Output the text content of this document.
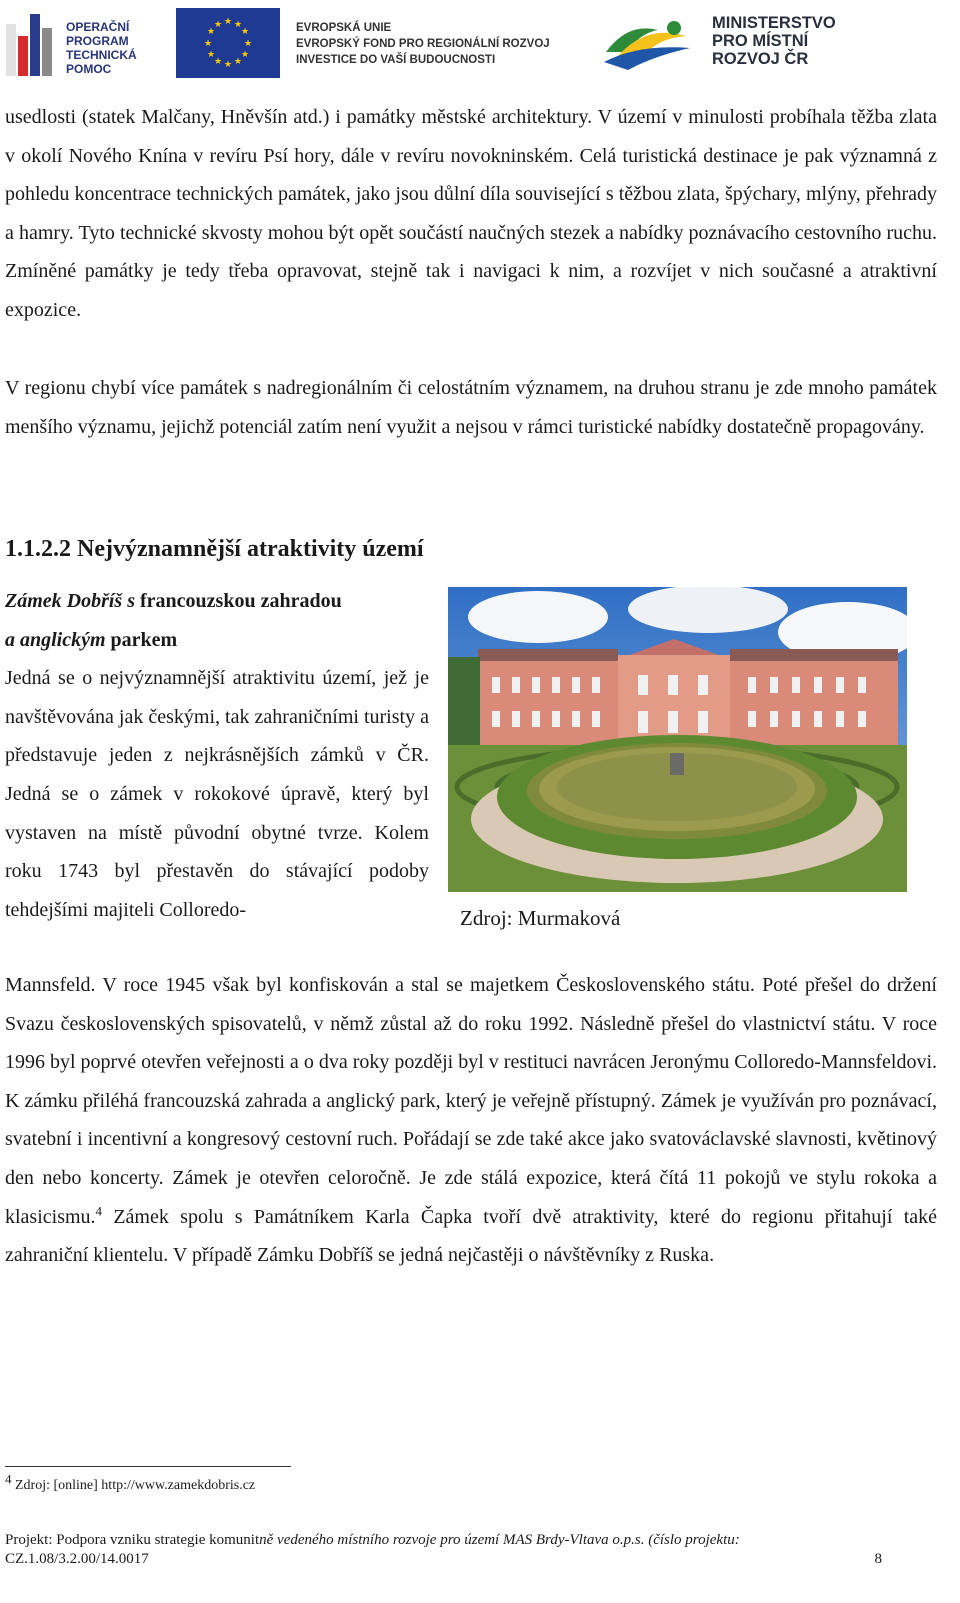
OPERAČNÍ
PROGRAM
TECHNICKÁ
POMOC
★ ★
★
★
★
★
★
★
★
★
★
★	EVROPSKÁ UNIE
EVROPSKÝ FOND PRO REGIONÁLNÍ ROZVOJ
INVESTICE DO VAŠÍ BUDOUCNOSTI
MINISTERSTVO
PRO MÍSTNÍ
ROZVOJ ČR

usedlosti (statek Malčany, Hněvšín atd.) i památky městské architektury. V území v minulosti probíhala těžba zlata v okolí Nového Knína v revíru Psí hory, dále v revíru novokninském. Celá turistická destinace je pak významná z pohledu koncentrace technických památek, jako jsou důlní díla související s těžbou zlata, špýchary, mlýny, přehrady a hamry. Tyto technické skvosty mohou být opět součástí naučných stezek a nabídky poznávacího cestovního ruchu. Zmíněné památky je tedy třeba opravovat, stejně tak i navigaci k nim, a rozvíjet v nich současné a atraktivní expozice.

V regionu chybí více památek s nadregionálním či celostátním významem, na druhou stranu je zde mnoho památek menšího významu, jejichž potenciál zatím není využit a nejsou v rámci turistické nabídky dostatečně propagovány.

1.1.2.2 Nejvýznamnější atraktivity území

Zámek Dobříš s francouzskou zahradou
a anglickým parkem

Jedná se o nejvýznamnější atraktivitu území, jež je navštěvována jak českými, tak zahraničními turisty a představuje jeden z nejkrásnějších zámků v ČR. Jedná se o zámek v rokokové úpravě, který byl vystaven na místě původní obytné tvrze. Kolem roku 1743 byl přestavěn do stávající podoby tehdejšími majiteli Colloredo-	Zdroj: Murmaková

Mannsfeld. V roce 1945 však byl konfiskován a stal se majetkem Československého státu. Poté přešel do držení Svazu československých spisovatelů, v němž zůstal až do roku 1992. Následně přešel do vlastnictví státu. V roce 1996 byl poprvé otevřen veřejnosti a o dva roky později byl v restituci navrácen Jeronýmu Colloredo-Mannsfeldovi. K zámku přiléhá francouzská zahrada a anglický park, který je veřejně přístupný. Zámek je využíván pro poznávací, svatební i incentivní a kongresový cestovní ruch. Pořádají se zde také akce jako svatováclavské slavnosti, květinový den nebo koncerty. Zámek je otevřen celoročně. Je zde stálá expozice, která čítá 11 pokojů ve stylu rokoka a klasicismu.$^4$ Zámek spolu s Památníkem Karla Čapka tvoří dvě atraktivity, které do regionu přitahují také zahraniční klientelu. V případě Zámku Dobříš se jedná nejčastěji o návštěvníky z Ruska.

$^4$ Zdroj: [online] http://www.zamekdobris.cz
Projekt: Podpora vzniku strategie komunitně vedeného místního rozvoje pro území MAS Brdy-Vltava o.p.s. (číslo projektu:
CZ.1.08/3.2.00/14.0017	8
